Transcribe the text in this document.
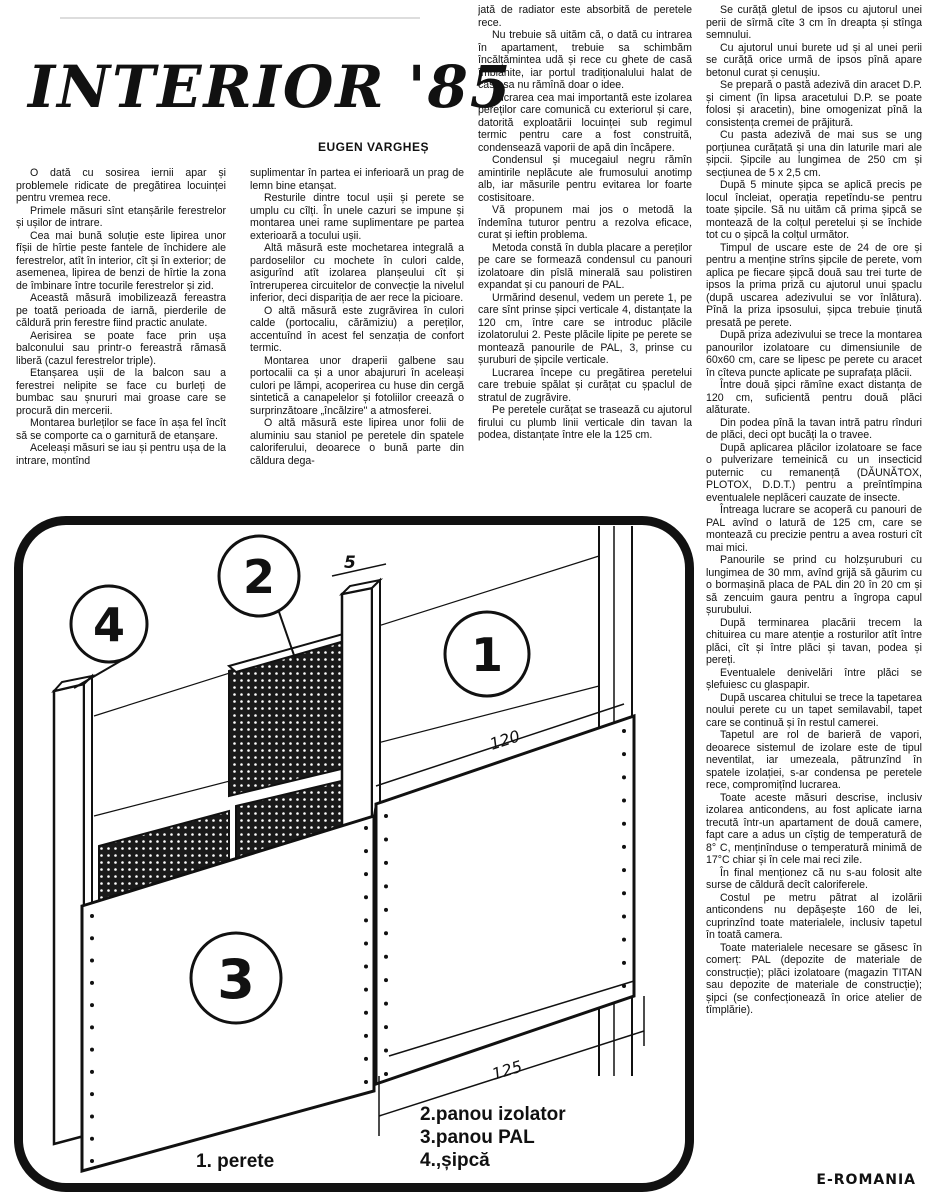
INTERIOR '85
EUGEN VARGHEȘ

O dată cu sosirea iernii apar și problemele ridicate de pregătirea locuinței pentru vremea rece.

Primele măsuri sînt etanșările ferestrelor și ușilor de intrare.

Cea mai bună soluție este lipirea unor fîșii de hîrtie peste fantele de închidere ale ferestrelor, atît în interior, cît și în exterior; de asemenea, lipirea de benzi de hîrtie la zona de îmbinare între tocurile ferestrelor și zid.

Această măsură imobilizează fereastra pe toată perioada de iarnă, pierderile de căldură prin ferestre fiind practic anulate.

Aerisirea se poate face prin ușa balconului sau printr-o fereastră rămasă liberă (cazul ferestrelor triple).

Etanșarea ușii de la balcon sau a ferestrei nelipite se face cu burleți de bumbac sau șnururi mai groase care se procură din mercerii.

Montarea burleților se face în așa fel încît să se comporte ca o garnitură de etanșare.

Aceleași măsuri se iau și pentru ușa de la intrare, montînd

suplimentar în partea ei inferioară un prag de lemn bine etanșat.

Resturile dintre tocul ușii și perete se umplu cu cîlți. În unele cazuri se impune și montarea unei rame suplimentare pe partea exterioară a tocului ușii.

Altă măsură este mochetarea integrală a pardoselilor cu mochete în culori calde, asigurînd atît izolarea planșeului cît și întreruperea circuitelor de convecție la nivelul inferior, deci dispariția de aer rece la picioare.

O altă măsură este zugrăvirea în culori calde (portocaliu, cărămiziu) a pereților, accentuînd în acest fel senzația de confort termic.

Montarea unor draperii galbene sau portocalii ca și a unor abajururi în aceleași culori pe lămpi, acoperirea cu huse din cergă sintetică a canapelelor și fotoliilor creează o surprinzătoare „încălzire" a atmosferei.

O altă măsură este lipirea unor folii de aluminiu sau staniol pe peretele din spatele caloriferului, deoarece o bună parte din căldura dega-

jată de radiator este absorbită de peretele rece.

Nu trebuie să uităm că, o dată cu intrarea în apartament, trebuie sa schimbăm încălțămintea udă și rece cu ghete de casă îmblănite, iar portul tradiționalului halat de casă sa nu rămînă doar o idee.

Lucrarea cea mai importantă este izolarea pereților care comunică cu exteriorul și care, datorită exploatării locuinței sub regimul termic pentru care a fost construită, condensează vaporii de apă din încăpere.

Condensul și mucegaiul negru rămîn amintirile neplăcute ale frumosului anotimp alb, iar măsurile pentru evitarea lor foarte costisitoare.

Vă propunem mai jos o metodă la îndemîna tuturor pentru a rezolva eficace, curat și ieftin problema.

Metoda constă în dubla placare a pereților pe care se formează condensul cu panouri izolatoare din pîslă minerală sau polistiren expandat și cu panouri de PAL.

Urmărind desenul, vedem un perete 1, pe care sînt prinse șipci verticale 4, distanțate la 120 cm, între care se introduc plăcile izolatorului 2. Peste plăcile lipite pe perete se montează panourile de PAL, 3, prinse cu șuruburi de șipcile verticale.

Lucrarea începe cu pregătirea peretelui care trebuie spălat și curățat cu șpaclul de stratul de zugrăvire.

Pe peretele curățat se trasează cu ajutorul firului cu plumb linii verticale din tavan la podea, distanțate între ele la 125 cm.

Se curăță gletul de ipsos cu ajutorul unei perii de sîrmă cîte 3 cm în dreapta și stînga semnului.

Cu ajutorul unui burete ud și al unei perii se curăță orice urmă de ipsos pînă apare betonul curat și cenușiu.

Se prepară o pastă adezivă din aracet D.P. și ciment (în lipsa aracetului D.P. se poate folosi și aracetin), bine omogenizat pînă la consistența cremei de prăjitură.

Cu pasta adezivă de mai sus se ung porțiunea curățată și una din laturile mari ale șipcii. Șipcile au lungimea de 250 cm și secțiunea de 5 x 2,5 cm.

După 5 minute șipca se aplică precis pe locul încleiat, operația repetîndu-se pentru toate șipcile. Să nu uităm că prima șipcă se montează de la colțul peretelui și se închide tot cu o șipcă la colțul următor.

Timpul de uscare este de 24 de ore și pentru a menține strîns șipcile de perete, vom aplica pe fiecare șipcă două sau trei turte de ipsos la prima priză cu ajutorul unui șpaclu (după uscarea adezivului se vor înlătura). Pînă la priza ipsosului, șipca trebuie ținută presată pe perete.

După priza adezivului se trece la montarea panourilor izolatoare cu dimensiunile de 60x60 cm, care se lipesc pe perete cu aracet în cîteva puncte aplicate pe suprafața plăcii.

Între două șipci rămîne exact distanța de 120 cm, suficientă pentru două plăci alăturate.

Din podea pînă la tavan intră patru rînduri de plăci, deci opt bucăți la o travee.

După aplicarea plăcilor izolatoare se face o pulverizare temeinică cu un insecticid puternic cu remanență (DĂUNĂTOX, PLOTOX, D.D.T.) pentru a preîntîmpina eventualele neplăceri cauzate de insecte.

Întreaga lucrare se acoperă cu panouri de PAL avînd o latură de 125 cm, care se montează cu precizie pentru a avea rosturi cît mai mici.

Panourile se prind cu holzșuruburi cu lungimea de 30 mm, avînd grijă să găurim cu o bormașină placa de PAL din 20 în 20 cm și să zencuim gaura pentru a îngropa capul șurubului.

După terminarea placării trecem la chituirea cu mare atenție a rosturilor atît între plăci, cît și între plăci și tavan, podea și pereți.

Eventualele denivelări între plăci se șlefuiesc cu glaspapir.

După uscarea chitului se trece la tapetarea noului perete cu un tapet semilavabil, tapet care se continuă și în restul camerei.

Tapetul are rol de barieră de vapori, deoarece sistemul de izolare este de tipul neventilat, iar umezeala, pătrunzînd în spatele izolației, s-ar condensa pe peretele rece, compromițînd lucrarea.

Toate aceste măsuri descrise, inclusiv izolarea anticondens, au fost aplicate iarna trecută într-un apartament de două camere, fapt care a adus un cîștig de temperatură de 8° C, menținînduse o temperatură minimă de 17°C chiar și în cele mai reci zile.

În final menționez că nu s-au folosit alte surse de căldură decît caloriferele.

Costul pe metru pătrat al izolării anticondens nu depășește 160 de lei, cuprinzînd toate materialele, inclusiv tapetul în toată camera.

Toate materialele necesare se găsesc în comerț: PAL (depozite de materiale de construcție); plăci izolatoare (magazin TITAN sau depozite de materiale de construcție); șipci (se confecționează în orice atelier de tîmplărie).

4
2
1
3
5
120
125
2.panou izolator
3.panou PAL
4.,șipcă
1. perete
E-ROMANIA
